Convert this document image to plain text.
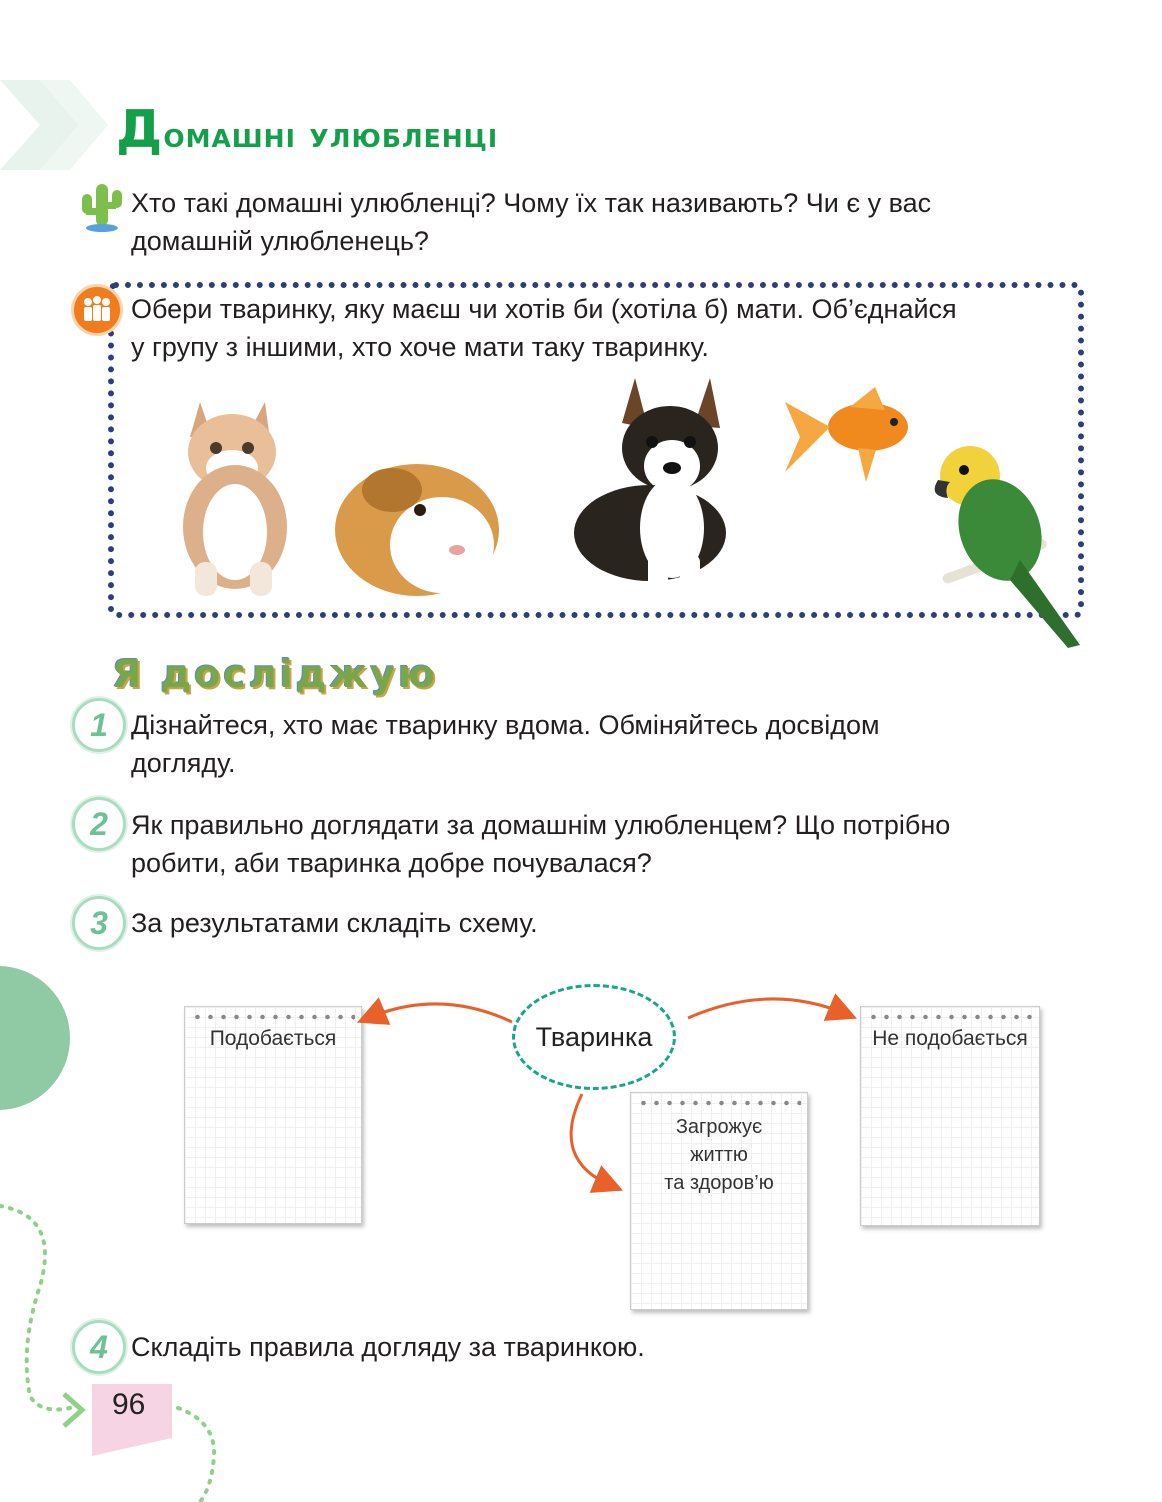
Домашні улюбленці
Хто такі домашні улюбленці? Чому їх так називають? Чи є у вас
домашній улюбленець?
Обери тваринку, яку маєш чи хотів би (хотіла б) мати. Об’єднайся
у групу з іншими, хто хоче мати таку тваринку.
Я досліджую
1 Дізнайтеся, хто має тваринку вдома. Обміняйтесь досвідом
догляду.
2 Як правильно доглядати за домашнім улюбленцем? Що потрібно
робити, аби тваринка добре почувалася?
3 За результатами складіть схему.
Подобається	Не подобається
Загрожує
життю
та здоров’ю
Тваринка
4 Складіть правила догляду за тваринкою.
96
